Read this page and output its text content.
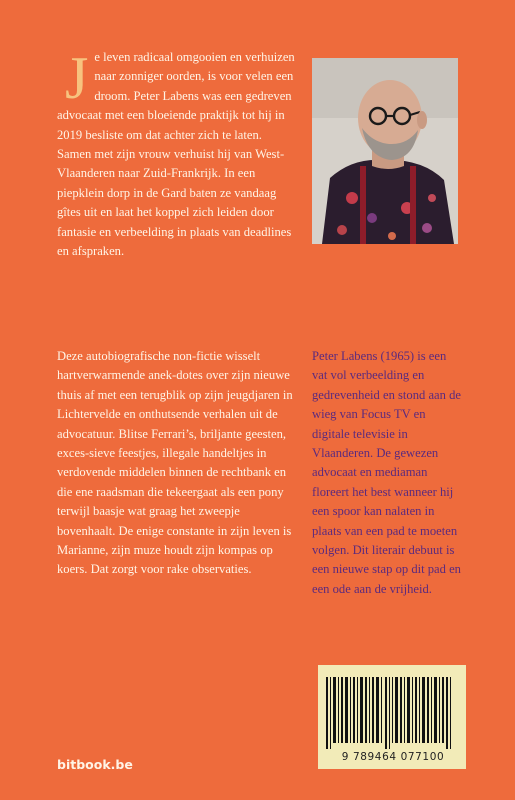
J e leven radicaal omgooien en verhuizen naar zonniger oorden, is voor velen een droom. Peter Labens was een gedreven advocaat met een bloeiende praktijk tot hij in 2019 besliste om dat achter zich te laten. Samen met zijn vrouw verhuist hij van West-Vlaanderen naar Zuid-Frankrijk. In een piepklein dorp in de Gard baten ze vandaag gîtes uit en laat het koppel zich leiden door fantasie en verbeelding in plaats van deadlines en afspraken.
Deze autobiografische non-fictie wisselt hartverwarmende anek-dotes over zijn nieuwe thuis af met een terugblik op zijn jeugdjaren in Lichtervelde en onthutsende verhalen uit de advocatuur. Blitse Ferrari’s, briljante geesten, exces-sieve feestjes, illegale handeltjes in verdovende middelen binnen de rechtbank en die ene raadsman die tekeergaat als een pony terwijl baasje wat graag het zweepje bovenhaalt. De enige constante in zijn leven is Marianne, zijn muze houdt zijn kompas op koers. Dat zorgt voor rake observaties.
Peter Labens (1965) is een vat vol verbeelding en gedrevenheid en stond aan de wieg van Focus TV en digitale televisie in Vlaanderen. De gewezen advocaat en mediaman floreert het best wanneer hij een spoor kan nalaten in plaats van een pad te moeten volgen. Dit literair debuut is een nieuwe stap op dit pad en een ode aan de vrijheid.
9 789464 077100
bitbook.be
